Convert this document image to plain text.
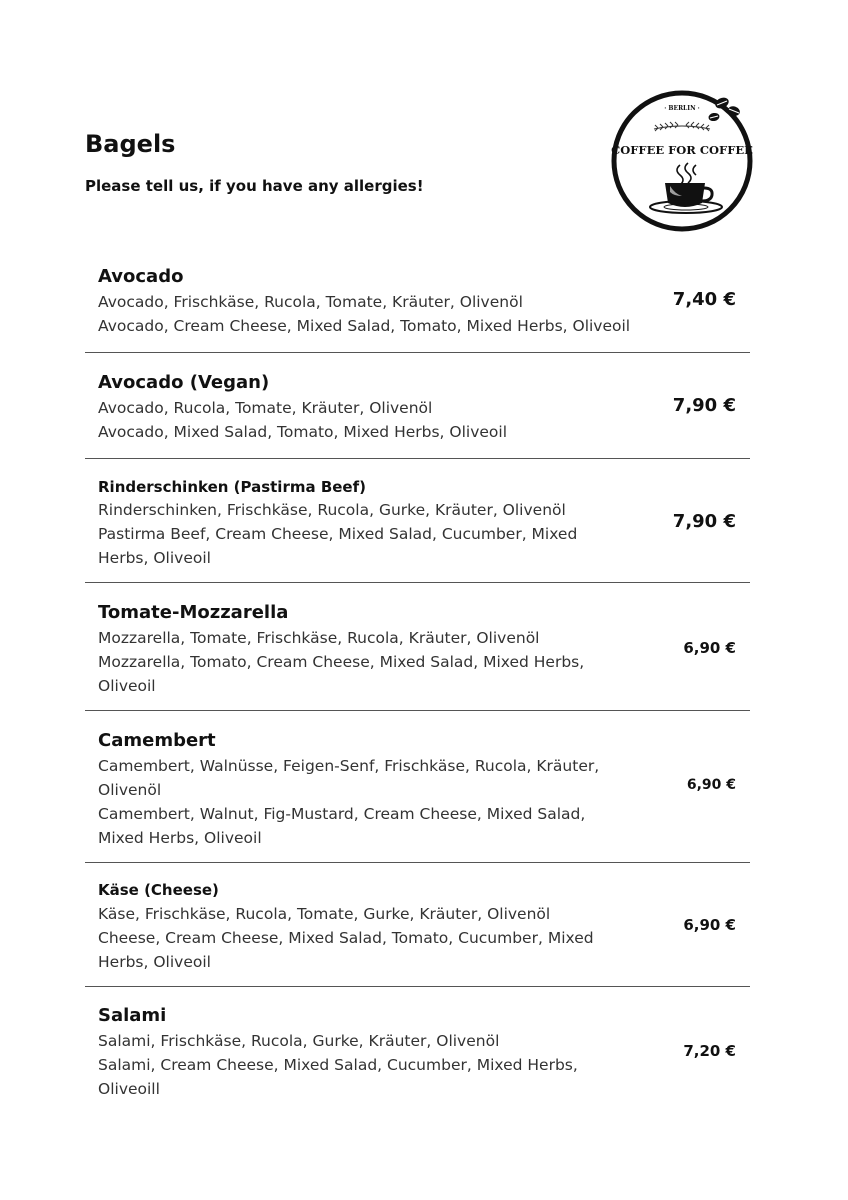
Bagels
Please tell us, if you have any allergies!
· BERLIN ·
COFFEE FOR COFFEE
Avocado
Avocado, Frischkäse, Rucola, Tomate, Kräuter, Olivenöl
Avocado, Cream Cheese, Mixed Salad, Tomato, Mixed Herbs, Oliveoil
7,40 €
Avocado (Vegan)
Avocado, Rucola, Tomate, Kräuter, Olivenöl
Avocado, Mixed Salad, Tomato, Mixed Herbs, Oliveoil
7,90 €
Rinderschinken (Pastirma Beef)
Rinderschinken, Frischkäse, Rucola, Gurke, Kräuter, Olivenöl
Pastirma Beef, Cream Cheese, Mixed Salad, Cucumber, Mixed
Herbs, Oliveoil
7,90 €
Tomate-Mozzarella
Mozzarella, Tomate, Frischkäse, Rucola, Kräuter, Olivenöl
Mozzarella, Tomato, Cream Cheese, Mixed Salad, Mixed Herbs,
Oliveoil
6,90 €
Camembert
Camembert, Walnüsse, Feigen-Senf, Frischkäse, Rucola, Kräuter,
Olivenöl
Camembert, Walnut, Fig-Mustard, Cream Cheese, Mixed Salad,
Mixed Herbs, Oliveoil
6,90 €
Käse (Cheese)
Käse, Frischkäse, Rucola, Tomate, Gurke, Kräuter, Olivenöl
Cheese, Cream Cheese, Mixed Salad, Tomato, Cucumber, Mixed
Herbs, Oliveoil
6,90 €
Salami
Salami, Frischkäse, Rucola, Gurke, Kräuter, Olivenöl
Salami, Cream Cheese, Mixed Salad, Cucumber, Mixed Herbs,
Oliveoill
7,20 €
